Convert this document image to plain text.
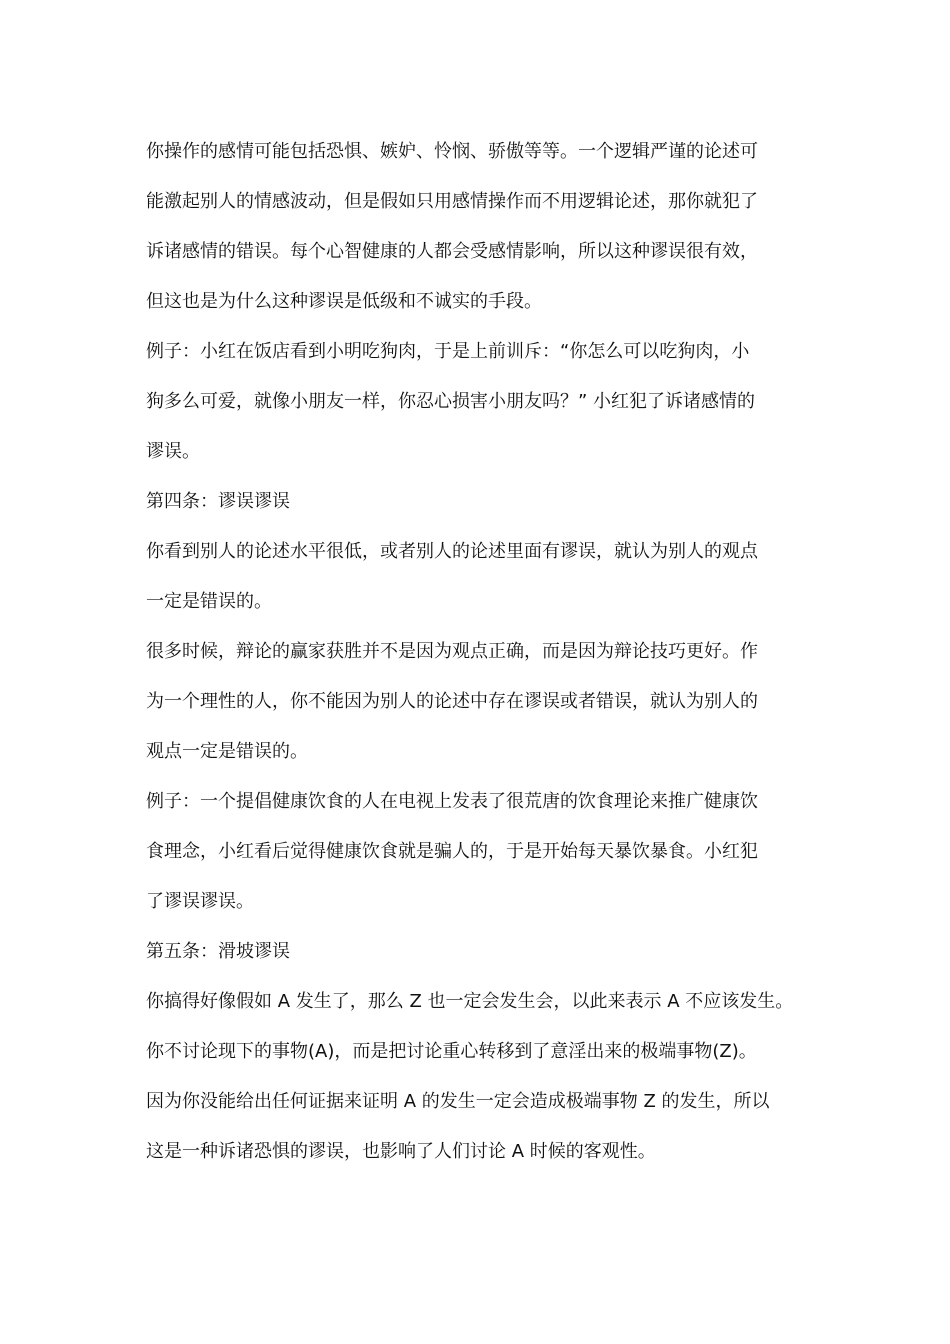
你操作的感情可能包括恐惧、嫉妒、怜悯、骄傲等等。一个逻辑严谨的论述可
能激起别人的情感波动，但是假如只用感情操作而不用逻辑论述，那你就犯了
诉诸感情的错误。每个心智健康的人都会受感情影响，所以这种谬误很有效，
但这也是为什么这种谬误是低级和不诚实的手段。
例子：小红在饭店看到小明吃狗肉，于是上前训斥：“你怎么可以吃狗肉，小
狗多么可爱，就像小朋友一样，你忍心损害小朋友吗？” 小红犯了诉诸感情的
谬误。
第四条：谬误谬误
你看到别人的论述水平很低，或者别人的论述里面有谬误，就认为别人的观点
一定是错误的。
很多时候，辩论的赢家获胜并不是因为观点正确，而是因为辩论技巧更好。作
为一个理性的人，你不能因为别人的论述中存在谬误或者错误，就认为别人的
观点一定是错误的。
例子：一个提倡健康饮食的人在电视上发表了很荒唐的饮食理论来推广健康饮
食理念，小红看后觉得健康饮食就是骗人的，于是开始每天暴饮暴食。小红犯
了谬误谬误。
第五条：滑坡谬误
你搞得好像假如 A 发生了，那么 Z 也一定会发生会，以此来表示 A 不应该发生。
你不讨论现下的事物(A)，而是把讨论重心转移到了意淫出来的极端事物(Z)。
因为你没能给出任何证据来证明 A 的发生一定会造成极端事物 Z 的发生，所以
这是一种诉诸恐惧的谬误，也影响了人们讨论 A 时候的客观性。
